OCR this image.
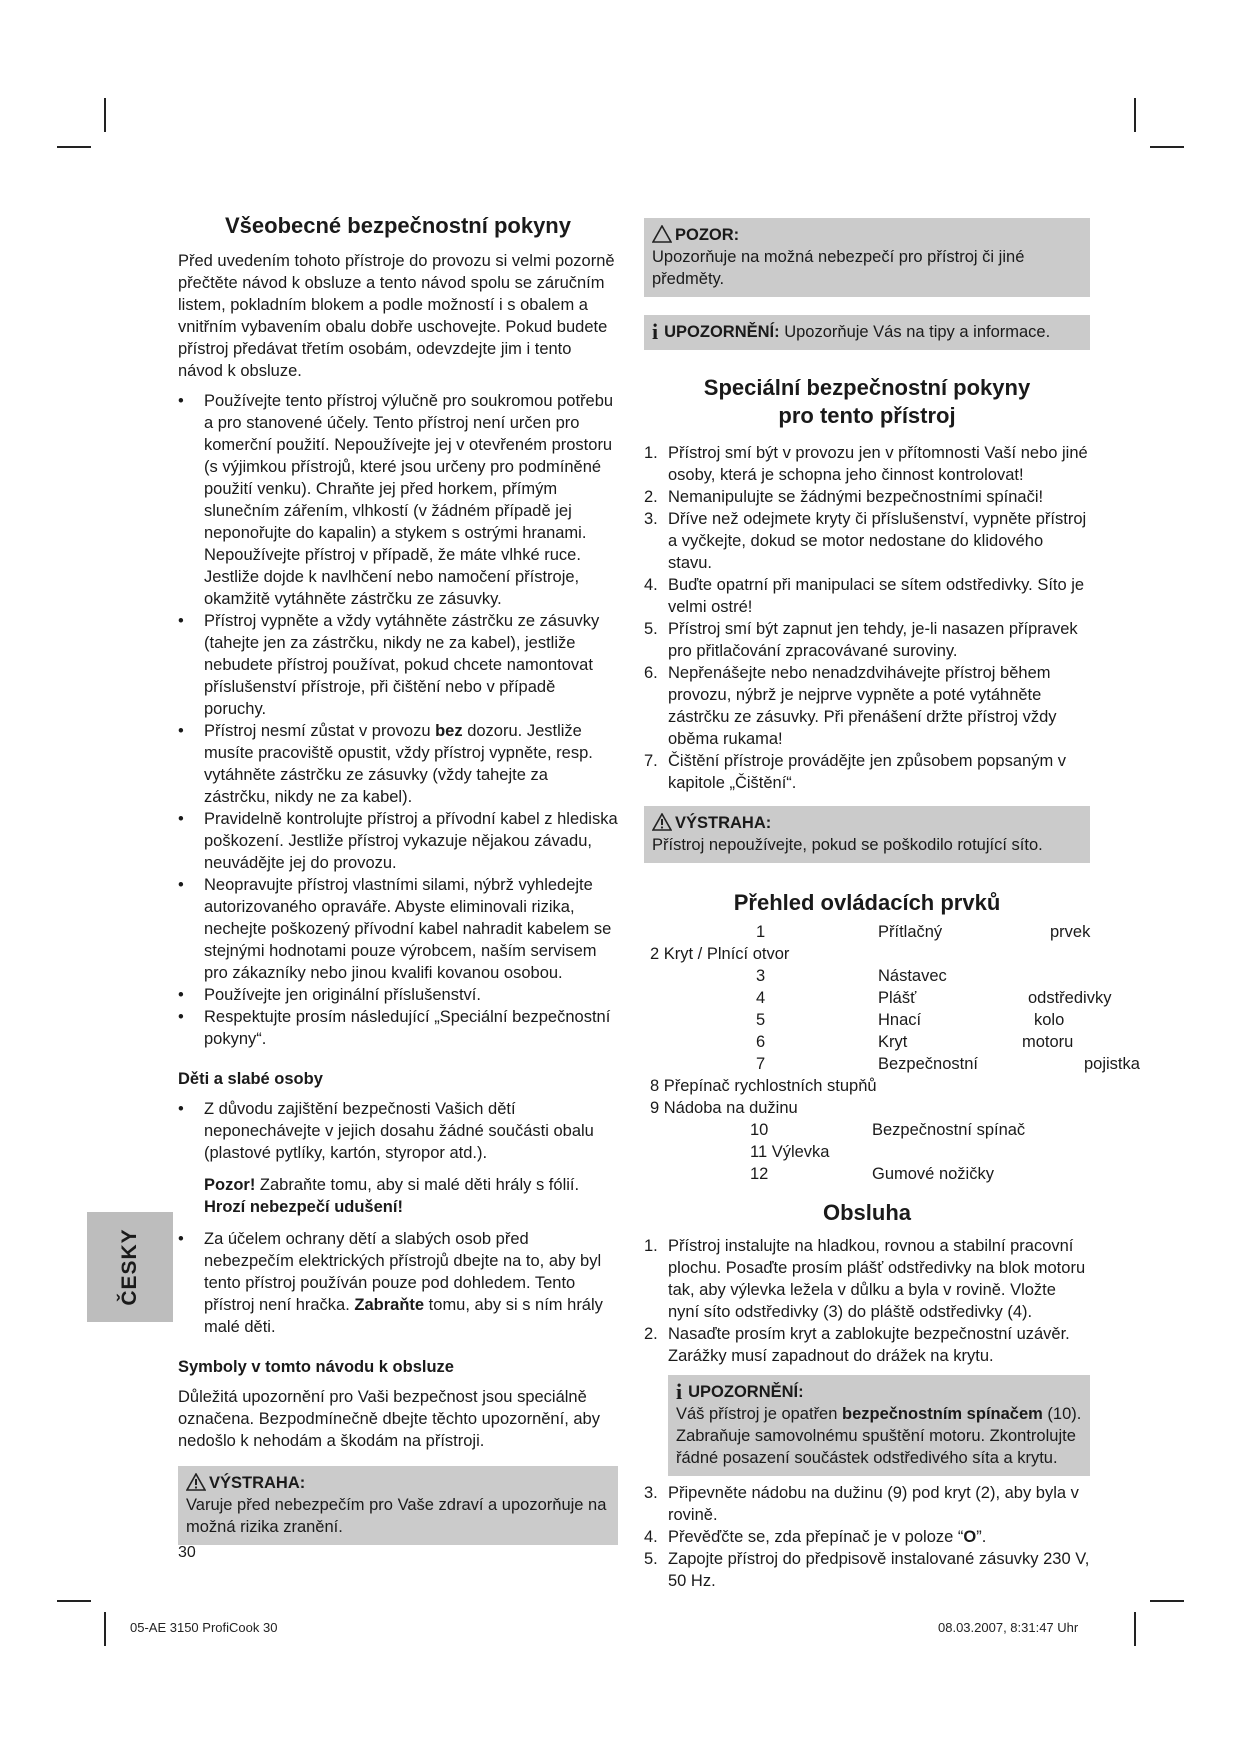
Všeobecné bezpečnostní pokyny

Před uvedením tohoto přístroje do provozu si velmi pozorně přečtěte návod k obsluze a tento návod spolu se záručním listem, pokladním blokem a podle možností i s obalem a vnitřním vybavením obalu dobře uschovejte. Pokud budete přístroj předávat třetím osobám, odevzdejte jim i tento návod k obsluze.

• Používejte tento přístroj výlučně pro soukromou potřebu a pro stanovené účely. Tento přístroj není určen pro komerční použití. Nepoužívejte jej v otevřeném prostoru (s výjimkou přístrojů, které jsou určeny pro podmíněné použití venku). Chraňte jej před horkem, přímým slunečním zářením, vlhkostí (v žádném případě jej neponořujte do kapalin) a stykem s ostrými hranami. Nepoužívejte přístroj v případě, že máte vlhké ruce. Jestliže dojde k navlhčení nebo namočení přístroje, okamžitě vytáhněte zástrčku ze zásuvky.
• Přístroj vypněte a vždy vytáhněte zástrčku ze zásuvky (tahejte jen za zástrčku, nikdy ne za kabel), jestliže nebudete přístroj používat, pokud chcete namontovat příslušenství přístroje, při čištění nebo v případě poruchy.
• Přístroj nesmí zůstat v provozu bez dozoru. Jestliže musíte pracoviště opustit, vždy přístroj vypněte, resp. vytáhněte zástrčku ze zásuvky (vždy tahejte za zástrčku, nikdy ne za kabel).
• Pravidelně kontrolujte přístroj a přívodní kabel z hlediska poškození. Jestliže přístroj vykazuje nějakou závadu, neuvádějte jej do provozu.
• Neopravujte přístroj vlastními silami, nýbrž vyhledejte autorizovaného opraváře. Abyste eliminovali rizika, nechejte poškozený přívodní kabel nahradit kabelem se stejnými hodnotami pouze výrobcem, naším servisem pro zákazníky nebo jinou kvalifi kovanou osobou.
• Používejte jen originální příslušenství.
• Respektujte prosím následující „Speciální bezpečnostní pokyny“.
Děti a slabé osoby
• Z důvodu zajištění bezpečnosti Vašich dětí neponechávejte v jejich dosahu žádné součásti obalu (plastové pytlíky, kartón, styropor atd.).

Pozor! Zabraňte tomu, aby si malé děti hrály s fólií. Hrozí nebezpečí udušení!

• Za účelem ochrany dětí a slabých osob před nebezpečím elektrických přístrojů dbejte na to, aby byl tento přístroj používán pouze pod dohledem. Tento přístroj není hračka. Zabraňte tomu, aby si s ním hrály malé děti.
Symboly v tomto návodu k obsluze

Důležitá upozornění pro Vaši bezpečnost jsou speciálně označena. Bezpodmínečně dbejte těchto upozornění, aby nedošlo k nehodám a škodám na přístroji.

VÝSTRAHA:
Varuje před nebezpečím pro Vaše zdraví a upozorňuje na možná rizika zranění.
POZOR:
Upozorňuje na možná nebezpečí pro přístroj či jiné předměty.
i UPOZORNĚNÍ: Upozorňuje Vás na tipy a informace.
Speciální bezpečnostní pokyny
pro tento přístroj
1. Přístroj smí být v provozu jen v přítomnosti Vaší nebo jiné osoby, která je schopna jeho činnost kontrolovat!
2. Nemanipulujte se žádnými bezpečnostními spínači!
3. Dříve než odejmete kryty či příslušenství, vypněte přístroj a vyčkejte, dokud se motor nedostane do klidového stavu.
4. Buďte opatrní při manipulaci se sítem odstředivky. Síto je velmi ostré!
5. Přístroj smí být zapnut jen tehdy, je-li nasazen přípravek pro přitlačování zpracovávané suroviny.
6. Nepřenášejte nebo nenadzdvihávejte přístroj během provozu, nýbrž je nejprve vypněte a poté vytáhněte zástrčku ze zásuvky. Při přenášení držte přístroj vždy oběma rukama!
7. Čištění přístroje provádějte jen způsobem popsaným v kapitole „Čištění“.
VÝSTRAHA:
Přístroj nepoužívejte, pokud se poškodilo rotující síto.
Přehled ovládacích prvků
1	Přítlačný	prvek
2 Kryt / Plnící otvor
3	Nástavec
4	Plášť	odstředivky
5	Hnací	kolo
6	Kryt	motoru
7	Bezpečnostní	pojistka
8 Přepínač rychlostních stupňů
9 Nádoba na dužinu
10	Bezpečnostní spínač
11 Výlevka
12	Gumové nožičky
Obsluha
1. Přístroj instalujte na hladkou, rovnou a stabilní pracovní plochu. Posaďte prosím plášť odstředivky na blok motoru tak, aby výlevka ležela v důlku a byla v rovině. Vložte nyní síto odstředivky (3) do pláště odstředivky (4).
2. Nasaďte prosím kryt a zablokujte bezpečnostní uzávěr. Zarážky musí zapadnout do drážek na krytu.
i UPOZORNĚNÍ:
Váš přístroj je opatřen bezpečnostním spínačem (10). Zabraňuje samovolnému spuštění motoru. Zkontrolujte řádné posazení součástek odstředivého síta a krytu.
3. Připevněte nádobu na dužinu (9) pod kryt (2), aby byla v rovině.
4. Převěďčte se, zda přepínač je v poloze “O”.
5. Zapojte přístroj do předpisově instalované zásuvky 230 V, 50 Hz.
ČESKY
30
05-AE 3150 ProfiCook 30	08.03.2007, 8:31:47 Uhr
